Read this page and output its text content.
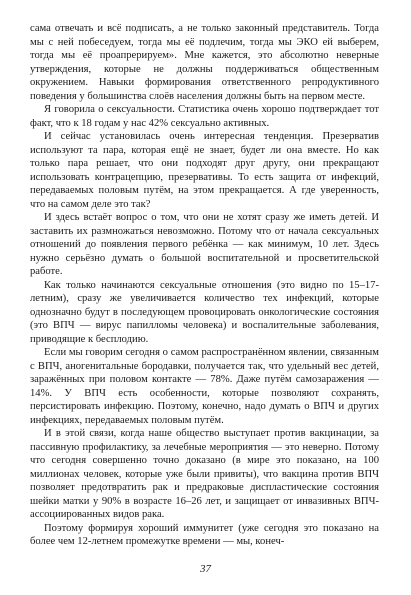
сама отвечать и всё подписать, а не только законный представитель. Тогда мы с ней побеседуем, тогда мы её подлечим, тогда мы ЭКО ей выберем, тогда мы её проапрерируем». Мне кажется, это абсолютно неверные утверждения, которые не должны поддерживаться общественным окружением. Навыки формирования ответственного репродуктивного поведения у большинства слоёв населения должны быть на первом месте.

Я говорила о сексуальности. Статистика очень хорошо подтверждает тот факт, что к 18 годам у нас 42% сексуально активных.

И сейчас установилась очень интересная тенденция. Презерватив используют та пара, которая ещё не знает, будет ли она вместе. Но как только пара решает, что они подходят друг другу, они прекращают использовать контрацепцию, презервативы. То есть защита от инфекций, передаваемых половым путём, на этом прекращается. А где уверенность, что на самом деле это так?

И здесь встаёт вопрос о том, что они не хотят сразу же иметь детей. И заставить их размножаться невозможно. Потому что от начала сексуальных отношений до появления первого ребёнка — как минимум, 10 лет. Здесь нужно серьёзно думать о большой воспитательной и просветительской работе.

Как только начинаются сексуальные отношения (это видно по 15–17-летним), сразу же увеличивается количество тех инфекций, которые однозначно будут в последующем провоцировать онкологические состояния (это ВПЧ — вирус папилломы человека) и воспалительные заболевания, приводящие к бесплодию.

Если мы говорим сегодня о самом распространённом явлении, связанным с ВПЧ, аногенитальные бородавки, получается так, что удельный вес детей, заражённых при половом контакте — 78%. Даже путём самозаражения — 14%. У ВПЧ есть особенности, которые позволяют сохранять, персистировать инфекцию. Поэтому, конечно, надо думать о ВПЧ и других инфекциях, передаваемых половым путём.

И в этой связи, когда наше общество выступает против вакцинации, за пассивную профилактику, за лечебные мероприятия — это неверно. Потому что сегодня совершенно точно доказано (в мире это показано, на 100 миллионах человек, которые уже были привиты), что вакцина против ВПЧ позволяет предотвратить рак и предраковые диспластические состояния шейки матки у 90% в возрасте 16–26 лет, и защищает от инвазивных ВПЧ-ассоциированных видов рака.

Поэтому формируя хороший иммунитет (уже сегодня это показано на более чем 12-летнем промежутке времени — мы, конеч-

37
